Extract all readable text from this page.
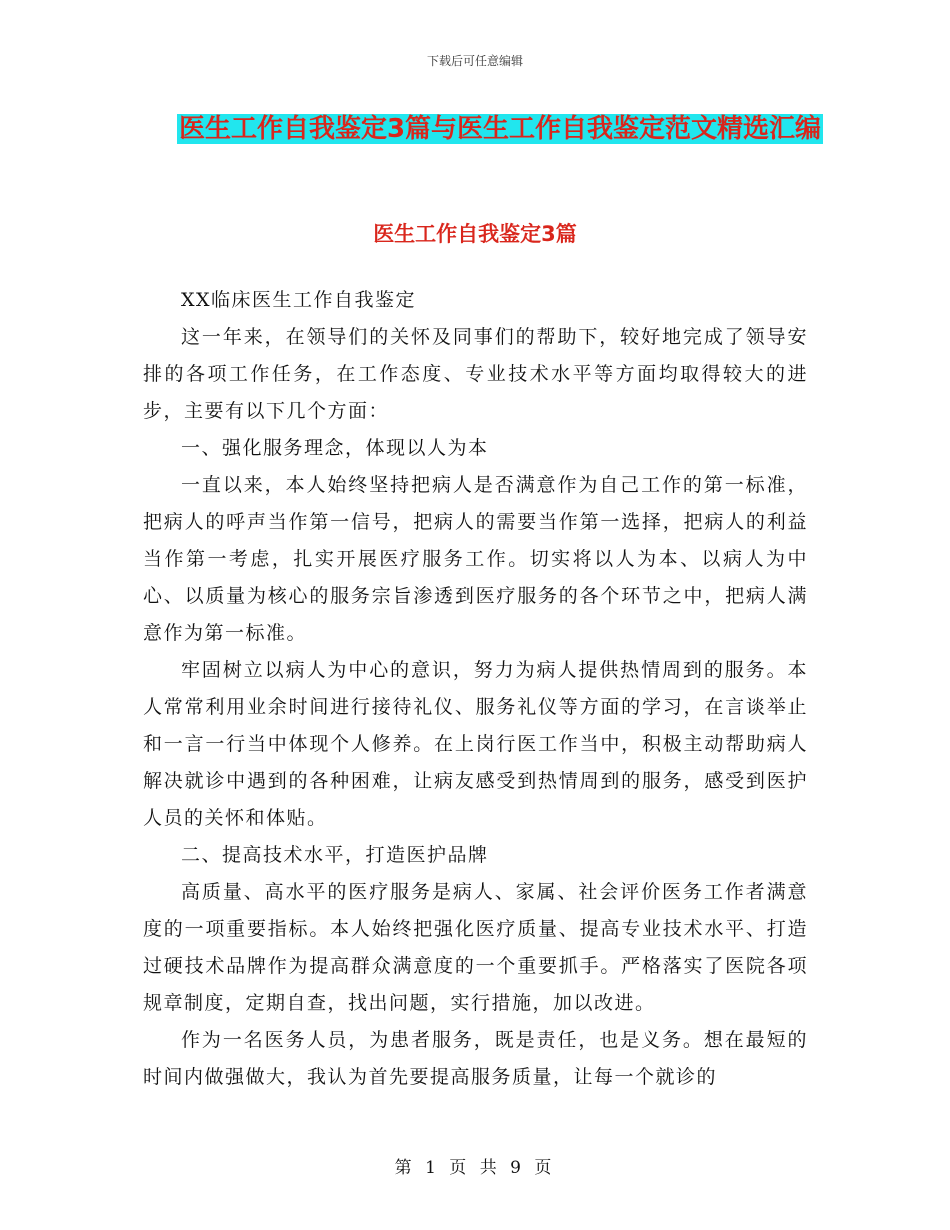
下载后可任意编辑
医生工作自我鉴定3篇与医生工作自我鉴定范文精选汇编
医生工作自我鉴定3篇

XX临床医生工作自我鉴定

这一年来，在领导们的关怀及同事们的帮助下，较好地完成了领导安排的各项工作任务，在工作态度、专业技术水平等方面均取得较大的进步，主要有以下几个方面：

一、强化服务理念，体现以人为本

一直以来，本人始终坚持把病人是否满意作为自己工作的第一标准，把病人的呼声当作第一信号，把病人的需要当作第一选择，把病人的利益当作第一考虑，扎实开展医疗服务工作。切实将以人为本、以病人为中心、以质量为核心的服务宗旨渗透到医疗服务的各个环节之中，把病人满意作为第一标准。

牢固树立以病人为中心的意识，努力为病人提供热情周到的服务。本人常常利用业余时间进行接待礼仪、服务礼仪等方面的学习，在言谈举止和一言一行当中体现个人修养。在上岗行医工作当中，积极主动帮助病人解决就诊中遇到的各种困难，让病友感受到热情周到的服务，感受到医护人员的关怀和体贴。

二、提高技术水平，打造医护品牌

高质量、高水平的医疗服务是病人、家属、社会评价医务工作者满意度的一项重要指标。本人始终把强化医疗质量、提高专业技术水平、打造过硬技术品牌作为提高群众满意度的一个重要抓手。严格落实了医院各项规章制度，定期自查，找出问题，实行措施，加以改进。

作为一名医务人员，为患者服务，既是责任，也是义务。想在最短的时间内做强做大，我认为首先要提高服务质量，让每一个就诊的

第 1 页 共 9 页
